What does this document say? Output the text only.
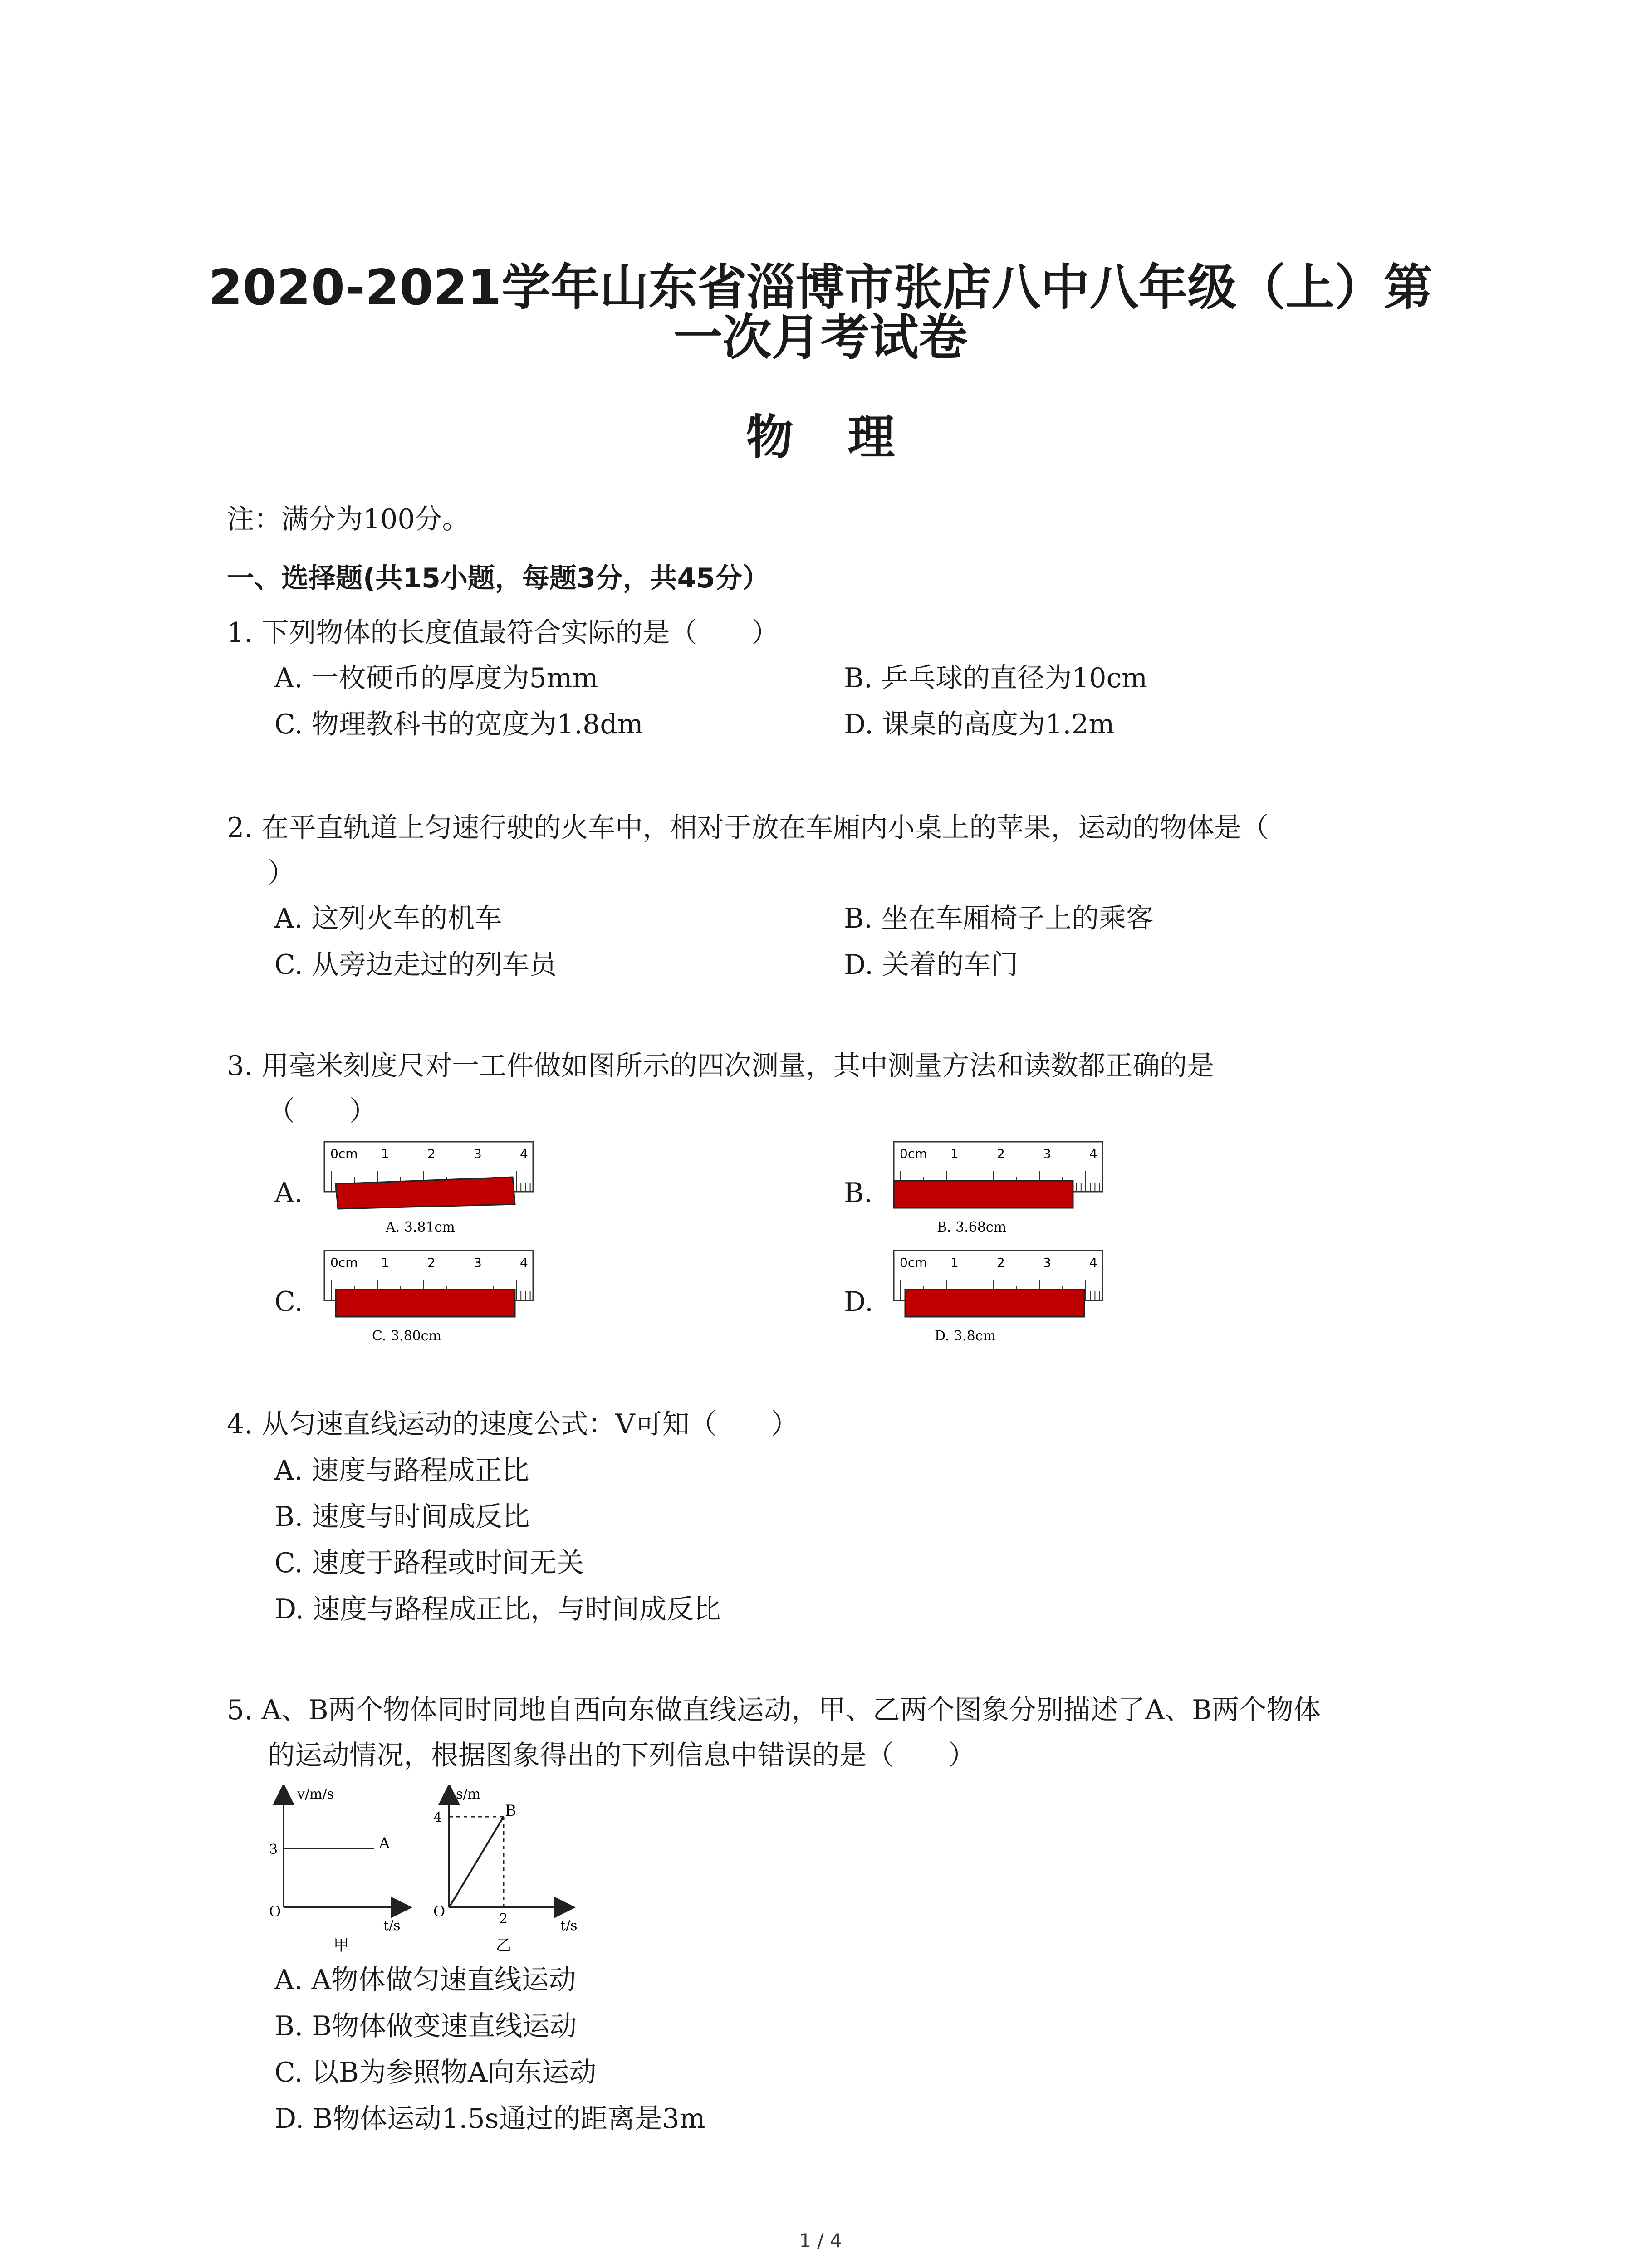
2020-2021学年山东省淄博市张店八中八年级（上）第
一次月考试卷
物理
注：满分为100分。
一、选择题(共15小题，每题3分，共45分）
1. 下列物体的长度值最符合实际的是（　　）
A. 一枚硬币的厚度为5mm	B. 乒乓球的直径为10cm
C. 物理教科书的宽度为1.8dm	D. 课桌的高度为1.2m
2. 在平直轨道上匀速行驶的火车中，相对于放在车厢内小桌上的苹果，运动的物体是（
）
A. 这列火车的机车	B. 坐在车厢椅子上的乘客
C. 从旁边走过的列车员	D. 关着的车门
3. 用毫米刻度尺对一工件做如图所示的四次测量，其中测量方法和读数都正确的是
（　　）
A.	B.
C.	D.
0cm 1	2	3	4
A. 3.81cm
0cm 1	2	3	4
B. 3.68cm
0cm 1	2	3	4
C. 3.80cm
0cm 1	2	3	4
D. 3.8cm
4. 从匀速直线运动的速度公式：V可知（　　）
A. 速度与路程成正比
B. 速度与时间成反比
C. 速度于路程或时间无关
D. 速度与路程成正比，与时间成反比
5. A、B两个物体同时同地自西向东做直线运动，甲、乙两个图象分别描述了A、B两个物体
的运动情况，根据图象得出的下列信息中错误的是（　　）
v/m/s
A
3
O
t/s
甲
s/m
B
4
O	2	t/s
乙
A. A物体做匀速直线运动
B. B物体做变速直线运动
C. 以B为参照物A向东运动
D. B物体运动1.5s通过的距离是3m
1 / 4
